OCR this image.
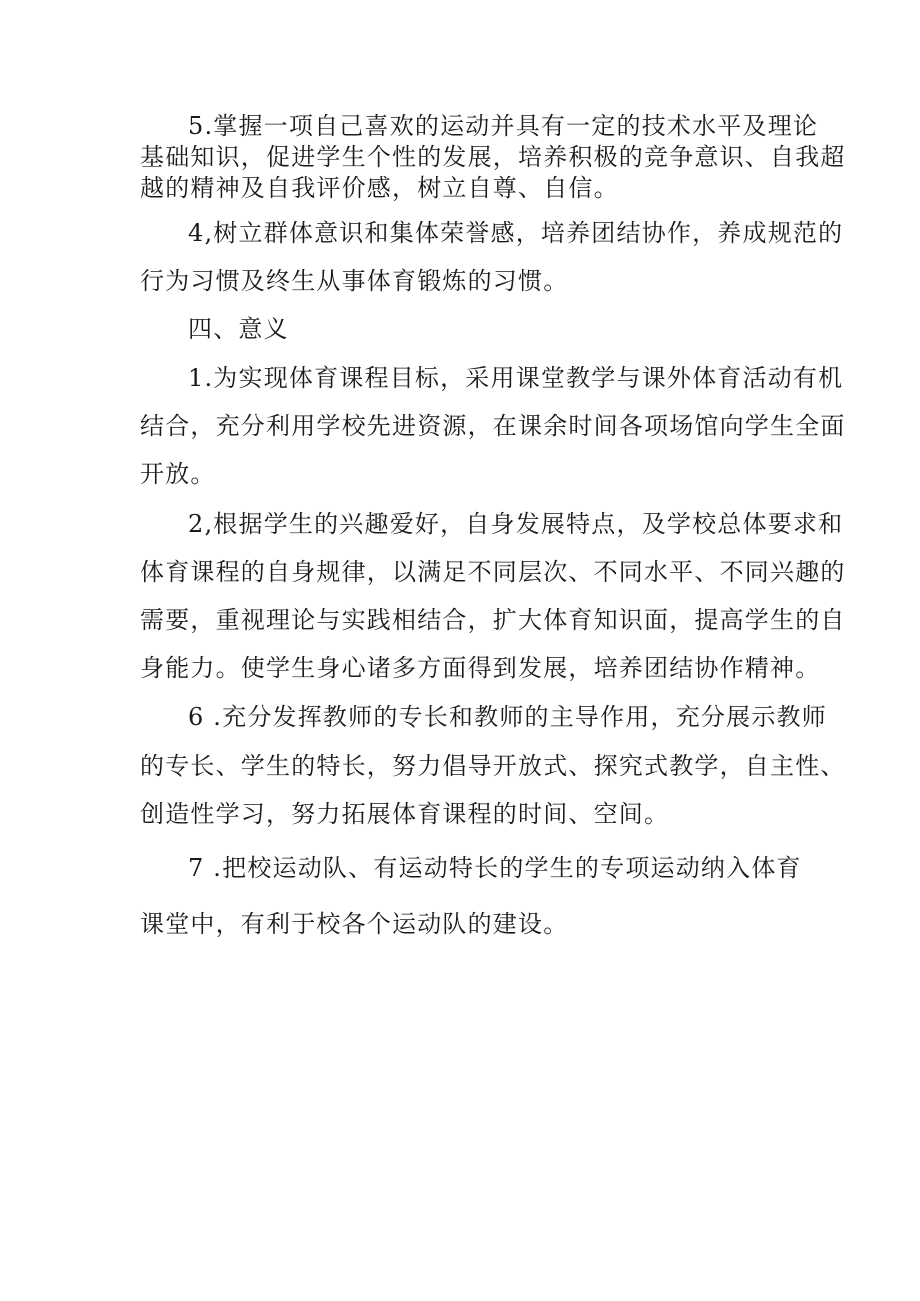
5.掌握一项自己喜欢的运动并具有一定的技术水平及理论
基础知识，促进学生个性的发展，培养积极的竞争意识、自我超
越的精神及自我评价感，树立自尊、自信。
4,树立群体意识和集体荣誉感，培养团结协作，养成规范的
行为习惯及终生从事体育锻炼的习惯。
四、意义
1.为实现体育课程目标，采用课堂教学与课外体育活动有机
结合，充分利用学校先进资源，在课余时间各项场馆向学生全面
开放。
2,根据学生的兴趣爱好，自身发展特点，及学校总体要求和
体育课程的自身规律，以满足不同层次、不同水平、不同兴趣的
需要，重视理论与实践相结合，扩大体育知识面，提高学生的自
身能力。使学生身心诸多方面得到发展，培养团结协作精神。
6 .充分发挥教师的专长和教师的主导作用，充分展示教师
的专长、学生的特长，努力倡导开放式、探究式教学，自主性、
创造性学习，努力拓展体育课程的时间、空间。
7 .把校运动队、有运动特长的学生的专项运动纳入体育
课堂中，有利于校各个运动队的建设。
